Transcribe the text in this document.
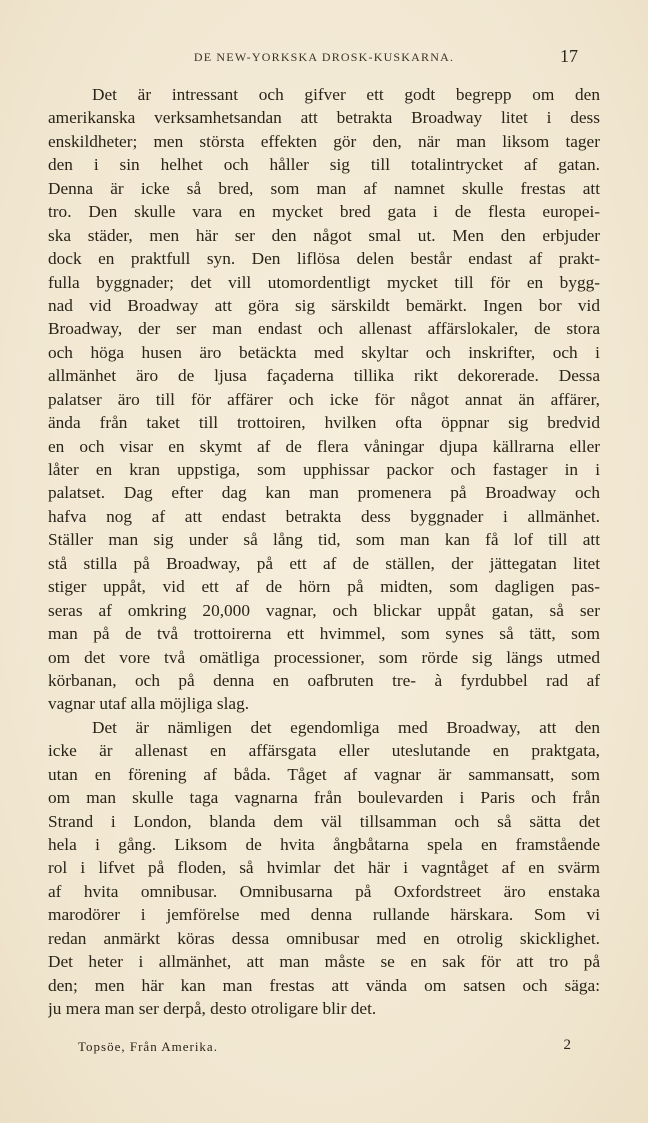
DE NEW-YORKSKA DROSK-KUSKARNA.	17
Det är intressant och gifver ett godt begrepp om den
amerikanska verksamhetsandan att betrakta Broadway litet i dess
enskildheter; men största effekten gör den, när man liksom tager
den i sin helhet och håller sig till totalintrycket af gatan.
Denna är icke så bred, som man af namnet skulle frestas att
tro. Den skulle vara en mycket bred gata i de flesta europei-
ska städer, men här ser den något smal ut. Men den erbjuder
dock en praktfull syn. Den liflösa delen består endast af prakt-
fulla byggnader; det vill utomordentligt mycket till för en bygg-
nad vid Broadway att göra sig särskildt bemärkt. Ingen bor vid
Broadway, der ser man endast och allenast affärslokaler, de stora
och höga husen äro betäckta med skyltar och inskrifter, och i
allmänhet äro de ljusa façaderna tillika rikt dekorerade. Dessa
palatser äro till för affärer och icke för något annat än affärer,
ända från taket till trottoiren, hvilken ofta öppnar sig bredvid
en och visar en skymt af de flera våningar djupa källrarna eller
låter en kran uppstiga, som upphissar packor och fastager in i
palatset. Dag efter dag kan man promenera på Broadway och
hafva nog af att endast betrakta dess byggnader i allmänhet.
Ställer man sig under så lång tid, som man kan få lof till att
stå stilla på Broadway, på ett af de ställen, der jättegatan litet
stiger uppåt, vid ett af de hörn på midten, som dagligen pas-
seras af omkring 20,000 vagnar, och blickar uppåt gatan, så ser
man på de två trottoirerna ett hvimmel, som synes så tätt, som
om det vore två omätliga processioner, som rörde sig längs utmed
körbanan, och på denna en oafbruten tre- à fyrdubbel rad af
vagnar utaf alla möjliga slag.
Det är nämligen det egendomliga med Broadway, att den
icke är allenast en affärsgata eller uteslutande en praktgata,
utan en förening af båda. Tåget af vagnar är sammansatt, som
om man skulle taga vagnarna från boulevarden i Paris och från
Strand i London, blanda dem väl tillsamman och så sätta det
hela i gång. Liksom de hvita ångbåtarna spela en framstående
rol i lifvet på floden, så hvimlar det här i vagntåget af en svärm
af hvita omnibusar. Omnibusarna på Oxfordstreet äro enstaka
marodörer i jemförelse med denna rullande härskara. Som vi
redan anmärkt köras dessa omnibusar med en otrolig skicklighet.
Det heter i allmänhet, att man måste se en sak för att tro på
den; men här kan man frestas att vända om satsen och säga:
ju mera man ser derpå, desto otroligare blir det.
Topsöe, Från Amerika.	2
